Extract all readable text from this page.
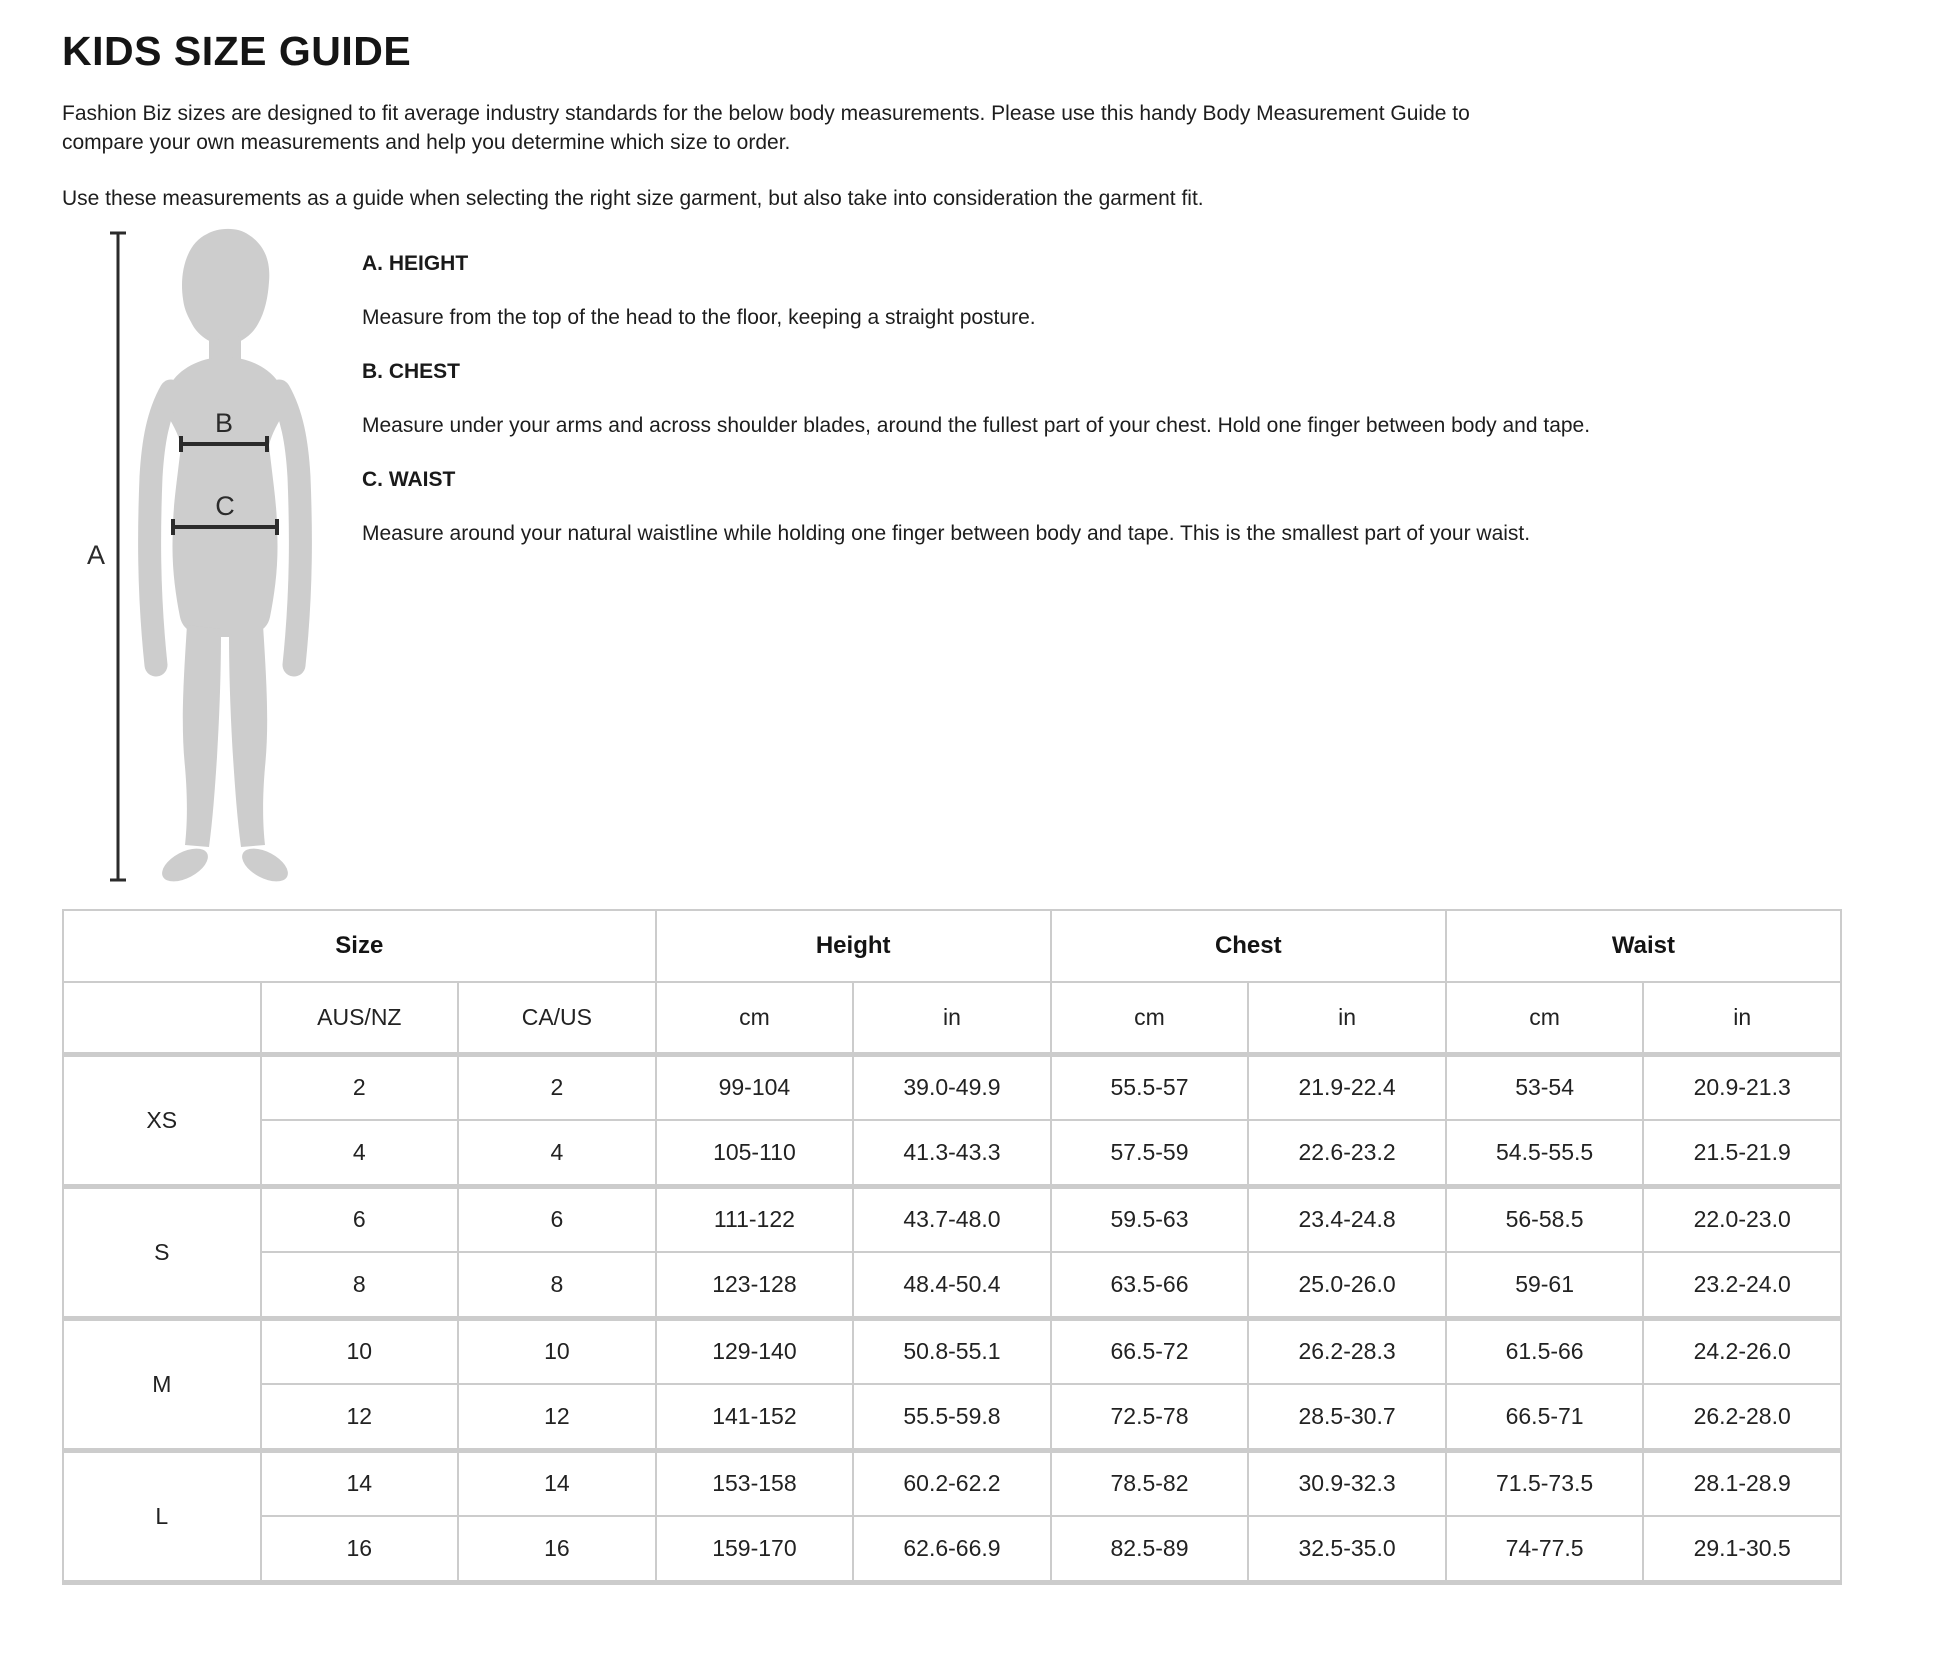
KIDS SIZE GUIDE

Fashion Biz sizes are designed to fit average industry standards for the below body measurements. Please use this handy Body Measurement Guide to compare your own measurements and help you determine which size to order.

Use these measurements as a guide when selecting the right size garment, but also take into consideration the garment fit.

A
B
C
A. HEIGHT

Measure from the top of the head to the floor, keeping a straight posture.

B. CHEST

Measure under your arms and across shoulder blades, around the fullest part of your chest. Hold one finger between body and tape.

C. WAIST

Measure around your natural waistline while holding one finger between body and tape. This is the smallest part of your waist.

Size			Height		Chest		Waist	
	AUS/NZ	CA/US	cm	in	cm	in	cm	in
XS	2	2	99-104	39.0-49.9	55.5-57	21.9-22.4	53-54	20.9-21.3
	4	4	105-110	41.3-43.3	57.5-59	22.6-23.2	54.5-55.5	21.5-21.9
S	6	6	111-122	43.7-48.0	59.5-63	23.4-24.8	56-58.5	22.0-23.0
	8	8	123-128	48.4-50.4	63.5-66	25.0-26.0	59-61	23.2-24.0
M	10	10	129-140	50.8-55.1	66.5-72	26.2-28.3	61.5-66	24.2-26.0
	12	12	141-152	55.5-59.8	72.5-78	28.5-30.7	66.5-71	26.2-28.0
L	14	14	153-158	60.2-62.2	78.5-82	30.9-32.3	71.5-73.5	28.1-28.9
	16	16	159-170	62.6-66.9	82.5-89	32.5-35.0	74-77.5	29.1-30.5
